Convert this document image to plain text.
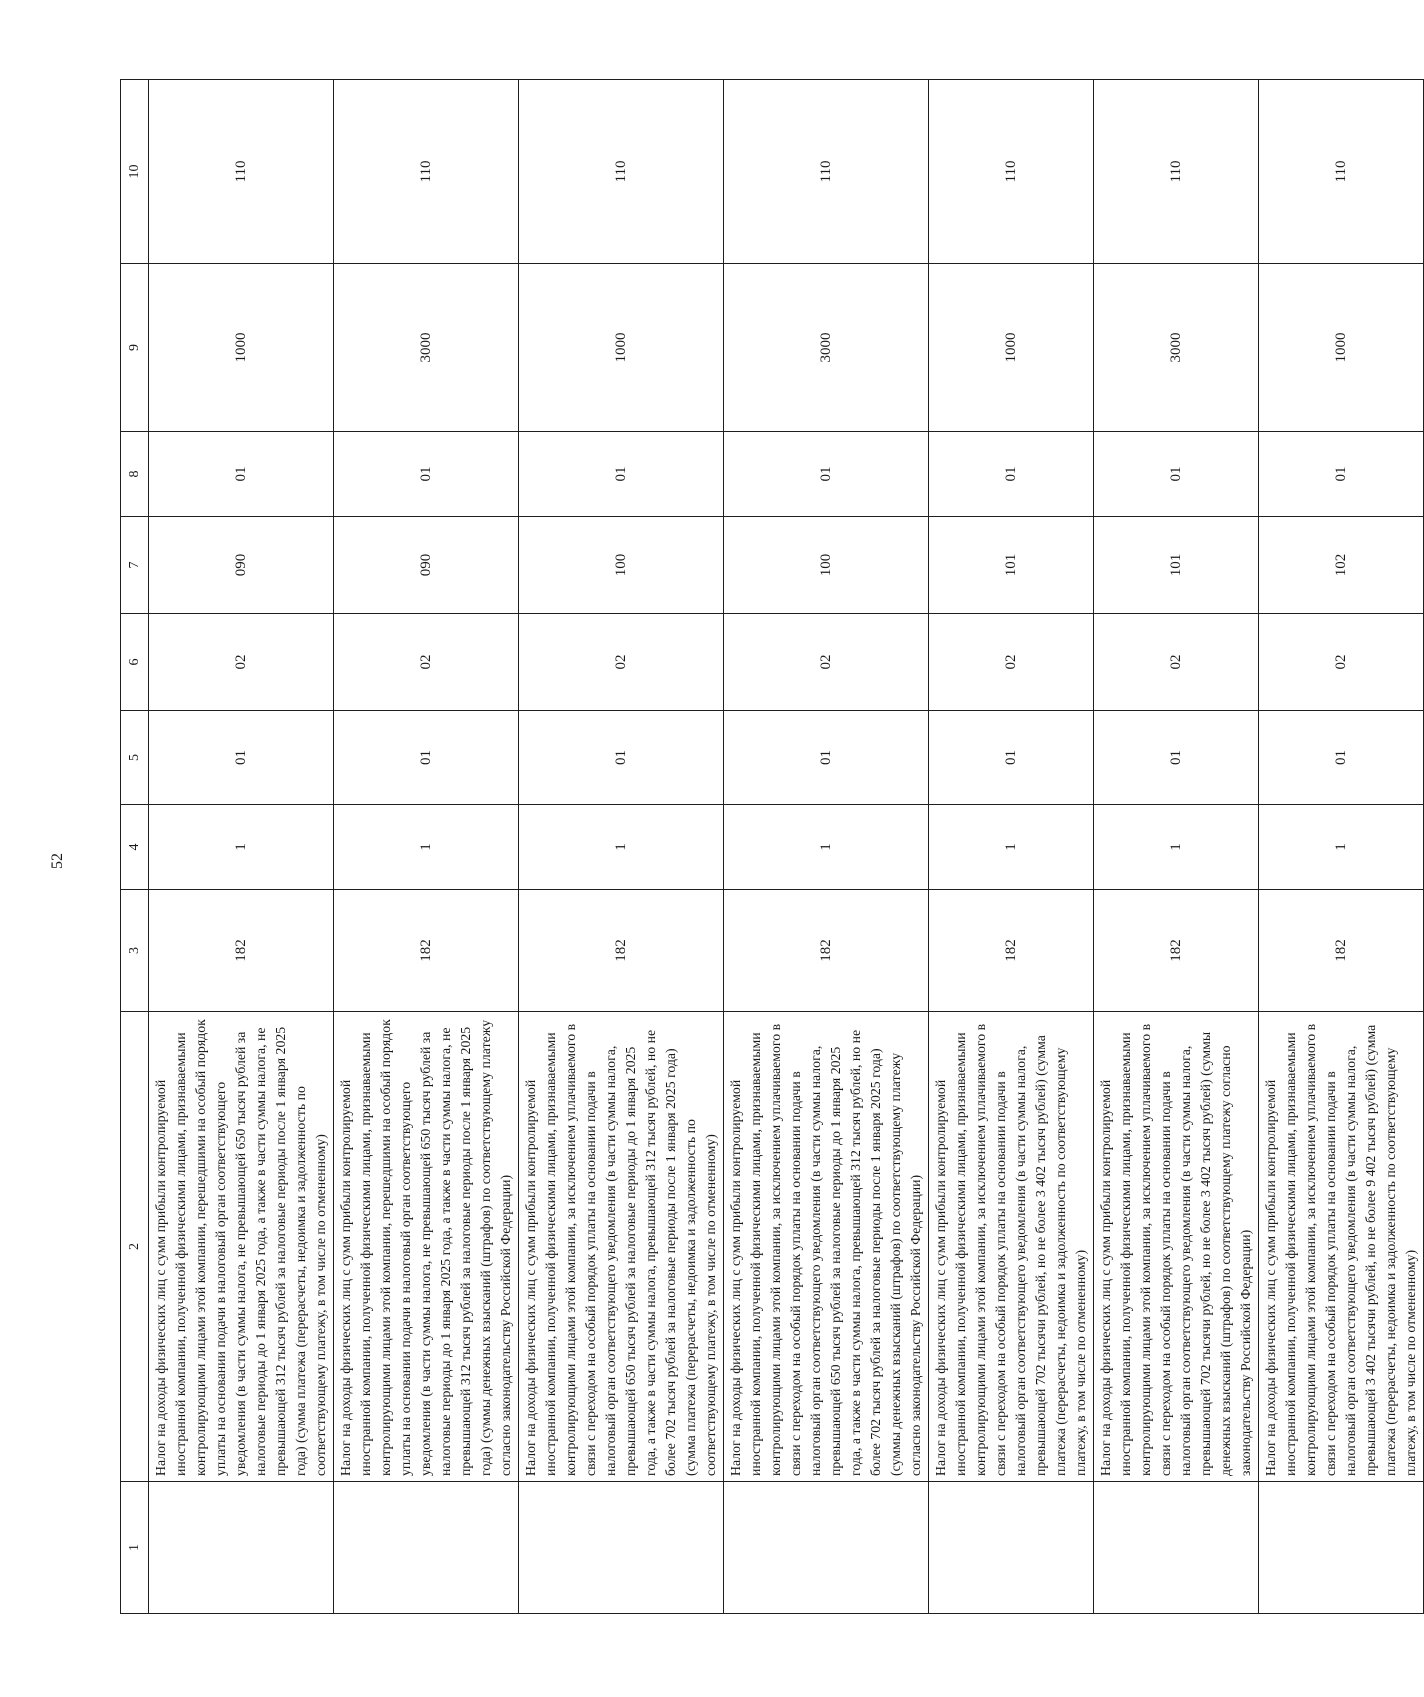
52
1	2	3	4	5	6	7	8	9	10
	Налог на доходы физических лиц с сумм прибыли контролируемой иностранной компании, полученной физическими лицами, признаваемыми контролирующими лицами этой компании, перешедшими на особый порядок уплаты на основании подачи в налоговый орган соответствующего уведомления (в части суммы налога, не превышающей 650 тысяч рублей за налоговые периоды до 1 января 2025 года, а также в части суммы налога, не превышающей 312 тысяч рублей за налоговые периоды после 1 января 2025 года) (сумма платежа (перерасчеты, недоимка и задолженность по соответствующему платежу, в том числе по отмененному)	182	1	01	02	090	01	1000	110
	Налог на доходы физических лиц с сумм прибыли контролируемой иностранной компании, полученной физическими лицами, признаваемыми контролирующими лицами этой компании, перешедшими на особый порядок уплаты на основании подачи в налоговый орган соответствующего уведомления (в части суммы налога, не превышающей 650 тысяч рублей за налоговые периоды до 1 января 2025 года, а также в части суммы налога, не превышающей 312 тысяч рублей за налоговые периоды после 1 января 2025 года) (суммы денежных взысканий (штрафов) по соответствующему платежу согласно законодательству Российской Федерации)	182	1	01	02	090	01	3000	110
	Налог на доходы физических лиц с сумм прибыли контролируемой иностранной компании, полученной физическими лицами, признаваемыми контролирующими лицами этой компании, за исключением уплачиваемого в связи с переходом на особый порядок уплаты на основании подачи в налоговый орган соответствующего уведомления (в части суммы налога, превышающей 650 тысяч рублей за налоговые периоды до 1 января 2025 года, а также в части суммы налога, превышающей 312 тысяч рублей, но не более 702 тысяч рублей за налоговые периоды после 1 января 2025 года) (сумма платежа (перерасчеты, недоимка и задолженность по соответствующему платежу, в том числе по отмененному)	182	1	01	02	100	01	1000	110
	Налог на доходы физических лиц с сумм прибыли контролируемой иностранной компании, полученной физическими лицами, признаваемыми контролирующими лицами этой компании, за исключением уплачиваемого в связи с переходом на особый порядок уплаты на основании подачи в налоговый орган соответствующего уведомления (в части суммы налога, превышающей 650 тысяч рублей за налоговые периоды до 1 января 2025 года, а также в части суммы налога, превышающей 312 тысяч рублей, но не более 702 тысяч рублей за налоговые периоды после 1 января 2025 года) (суммы денежных взысканий (штрафов) по соответствующему платежу согласно законодательству Российской Федерации)	182	1	01	02	100	01	3000	110
	Налог на доходы физических лиц с сумм прибыли контролируемой иностранной компании, полученной физическими лицами, признаваемыми контролирующими лицами этой компании, за исключением уплачиваемого в связи с переходом на особый порядок уплаты на основании подачи в налоговый орган соответствующего уведомления (в части суммы налога, превышающей 702 тысячи рублей, но не более 3 402 тысяч рублей) (сумма платежа (перерасчеты, недоимка и задолженность по соответствующему платежу, в том числе по отмененному)	182	1	01	02	101	01	1000	110
	Налог на доходы физических лиц с сумм прибыли контролируемой иностранной компании, полученной физическими лицами, признаваемыми контролирующими лицами этой компании, за исключением уплачиваемого в связи с переходом на особый порядок уплаты на основании подачи в налоговый орган соответствующего уведомления (в части суммы налога, превышающей 702 тысячи рублей, но не более 3 402 тысяч рублей) (суммы денежных взысканий (штрафов) по соответствующему платежу согласно законодательству Российской Федерации)	182	1	01	02	101	01	3000	110
	Налог на доходы физических лиц с сумм прибыли контролируемой иностранной компании, полученной физическими лицами, признаваемыми контролирующими лицами этой компании, за исключением уплачиваемого в связи с переходом на особый порядок уплаты на основании подачи в налоговый орган соответствующего уведомления (в части суммы налога, превышающей 3 402 тысячи рублей, но не более 9 402 тысяч рублей) (сумма платежа (перерасчеты, недоимка и задолженность по соответствующему платежу, в том числе по отмененному)	182	1	01	02	102	01	1000	110
